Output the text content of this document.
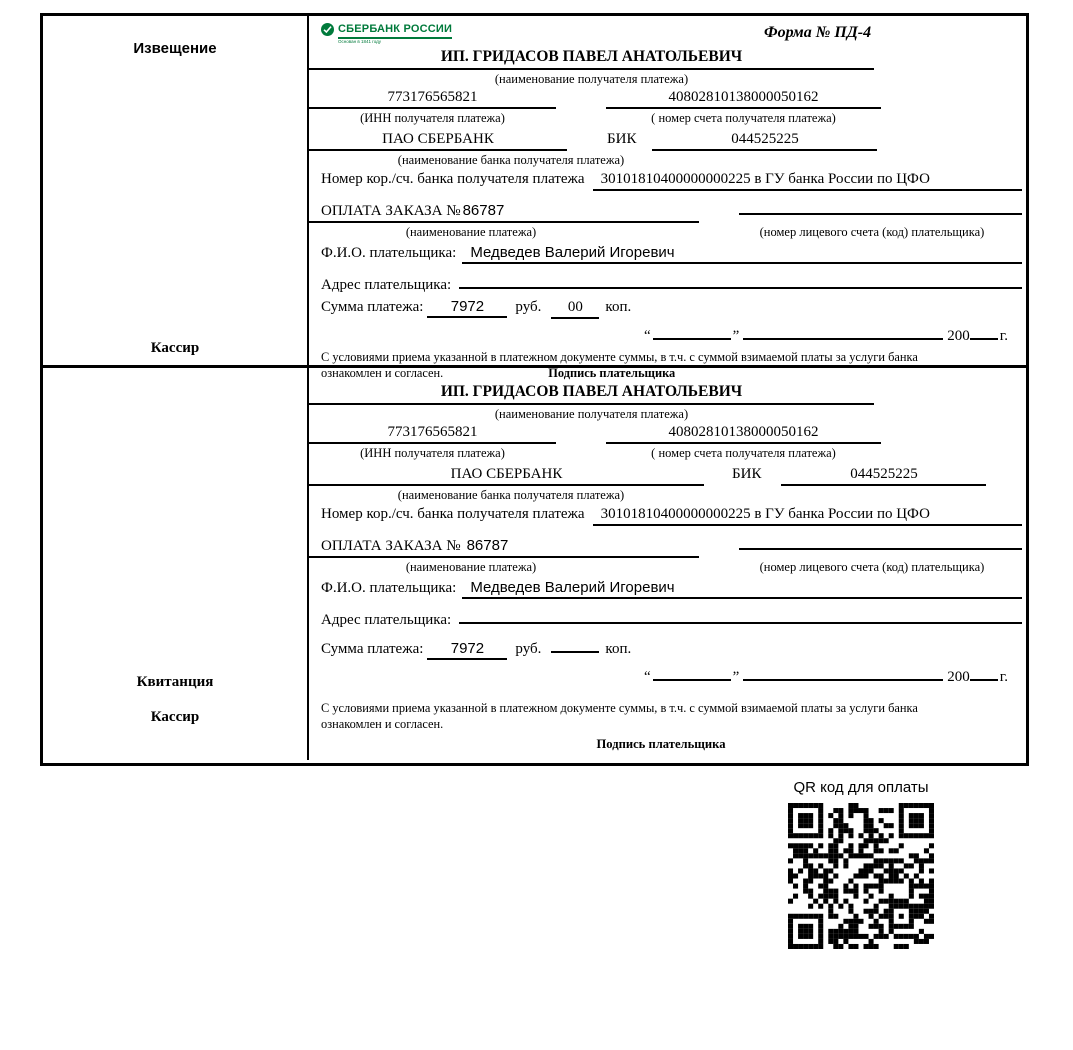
Извещение
Кассир
СБЕРБАНК РОССИИ
Основан в 1841 году
Форма № ПД-4
ИП. ГРИДАСОВ ПАВЕЛ АНАТОЛЬЕВИЧ
(наименование получателя платежа)
773176565821	40802810138000050162
(ИНН получателя платежа)	( номер счета получателя платежа)
ПАО СБЕРБАНК	БИК	044525225
(наименование банка получателя платежа)
Номер кор./сч. банка получателя платежа	30101810400000000225 в ГУ банка России по ЦФО
ОПЛАТА ЗАКАЗА № 86787
(наименование платежа)	(номер лицевого счета (код) плательщика)
Ф.И.О. плательщика: Медведев Валерий Игоревич
Адрес плательщика:
Сумма платежа:	7972	руб.	00	коп.
“	”	200 г.
С условиями приема указанной в платежном документе суммы, в т.ч. с суммой взимаемой платы за услуги банка
ознакомлен и согласен.	Подпись плательщика
Квитанция
Кассир
ИП. ГРИДАСОВ ПАВЕЛ АНАТОЛЬЕВИЧ
(наименование получателя платежа)
773176565821	40802810138000050162
(ИНН получателя платежа)	( номер счета получателя платежа)
ПАО СБЕРБАНК	БИК	044525225
(наименование банка получателя платежа)
Номер кор./сч. банка получателя платежа	30101810400000000225 в ГУ банка России по ЦФО
ОПЛАТА ЗАКАЗА № 86787
(наименование платежа)	(номер лицевого счета (код) плательщика)
Ф.И.О. плательщика: Медведев Валерий Игоревич
Адрес плательщика:
Сумма платежа:	7972	руб.	коп.
“	”	200 г.
С условиями приема указанной в платежном документе суммы, в т.ч. с суммой взимаемой платы за услуги банка
ознакомлен и согласен.
Подпись плательщика
QR код для оплаты
